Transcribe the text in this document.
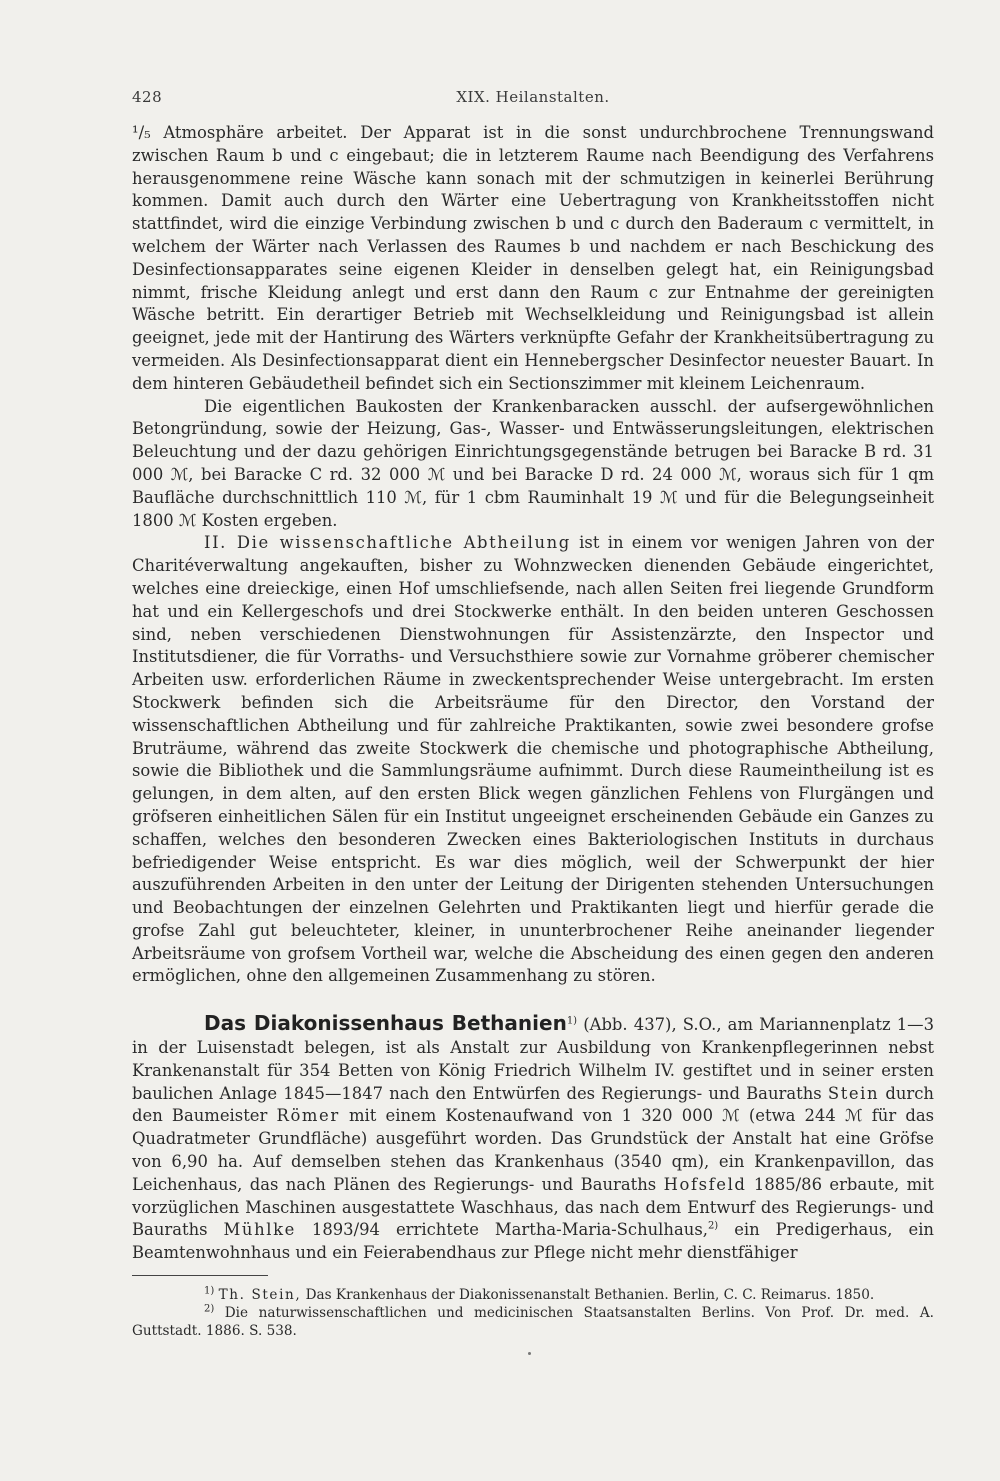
428	XIX. Heilanstalten.

¹/₅ Atmosphäre arbeitet. Der Apparat ist in die sonst undurchbrochene Trennungswand zwischen Raum b und c eingebaut; die in letzterem Raume nach Beendigung des Verfahrens herausgenommene reine Wäsche kann sonach mit der schmutzigen in keinerlei Berührung kommen. Damit auch durch den Wärter eine Uebertragung von Krankheitsstoffen nicht stattfindet, wird die einzige Verbindung zwischen b und c durch den Baderaum c vermittelt, in welchem der Wärter nach Verlassen des Raumes b und nachdem er nach Beschickung des Desinfectionsapparates seine eigenen Kleider in denselben gelegt hat, ein Reinigungsbad nimmt, frische Kleidung anlegt und erst dann den Raum c zur Entnahme der gereinigten Wäsche betritt. Ein derartiger Betrieb mit Wechselkleidung und Reinigungsbad ist allein geeignet, jede mit der Hantirung des Wärters verknüpfte Gefahr der Krankheitsübertragung zu vermeiden. Als Desinfectionsapparat dient ein Hennebergscher Desinfector neuester Bauart. In dem hinteren Gebäudetheil befindet sich ein Sectionszimmer mit kleinem Leichenraum.

Die eigentlichen Baukosten der Krankenbaracken ausschl. der aufsergewöhnlichen Betongründung, sowie der Heizung, Gas-, Wasser- und Entwässerungsleitungen, elektrischen Beleuchtung und der dazu gehörigen Einrichtungsgegenstände betrugen bei Baracke B rd. 31 000 ℳ, bei Baracke C rd. 32 000 ℳ und bei Baracke D rd. 24 000 ℳ, woraus sich für 1 qm Baufläche durchschnittlich 110 ℳ, für 1 cbm Rauminhalt 19 ℳ und für die Belegungseinheit 1800 ℳ Kosten ergeben.

II. Die wissenschaftliche Abtheilung ist in einem vor wenigen Jahren von der Charitéverwaltung angekauften, bisher zu Wohnzwecken dienenden Gebäude eingerichtet, welches eine dreieckige, einen Hof umschliefsende, nach allen Seiten frei liegende Grundform hat und ein Kellergeschofs und drei Stockwerke enthält. In den beiden unteren Geschossen sind, neben verschiedenen Dienstwohnungen für Assistenzärzte, den Inspector und Institutsdiener, die für Vorraths- und Versuchsthiere sowie zur Vornahme gröberer chemischer Arbeiten usw. erforderlichen Räume in zweckentsprechender Weise untergebracht. Im ersten Stockwerk befinden sich die Arbeitsräume für den Director, den Vorstand der wissenschaftlichen Abtheilung und für zahlreiche Praktikanten, sowie zwei besondere grofse Bruträume, während das zweite Stockwerk die chemische und photographische Abtheilung, sowie die Bibliothek und die Sammlungsräume aufnimmt. Durch diese Raumeintheilung ist es gelungen, in dem alten, auf den ersten Blick wegen gänzlichen Fehlens von Flurgängen und gröfseren einheitlichen Sälen für ein Institut ungeeignet erscheinenden Gebäude ein Ganzes zu schaffen, welches den besonderen Zwecken eines Bakteriologischen Instituts in durchaus befriedigender Weise entspricht. Es war dies möglich, weil der Schwerpunkt der hier auszuführenden Arbeiten in den unter der Leitung der Dirigenten stehenden Untersuchungen und Beobachtungen der einzelnen Gelehrten und Praktikanten liegt und hierfür gerade die grofse Zahl gut beleuchteter, kleiner, in ununterbrochener Reihe aneinander liegender Arbeitsräume von grofsem Vortheil war, welche die Abscheidung des einen gegen den anderen ermöglichen, ohne den allgemeinen Zusammenhang zu stören.

Das Diakonissenhaus Bethanien$^{1)}$ (Abb. 437), S.O., am Mariannenplatz 1—3 in der Luisenstadt belegen, ist als Anstalt zur Ausbildung von Krankenpflegerinnen nebst Krankenanstalt für 354 Betten von König Friedrich Wilhelm IV. gestiftet und in seiner ersten baulichen Anlage 1845—1847 nach den Entwürfen des Regierungs- und Bauraths Stein durch den Baumeister Römer mit einem Kostenaufwand von 1 320 000 ℳ (etwa 244 ℳ für das Quadratmeter Grundfläche) ausgeführt worden. Das Grundstück der Anstalt hat eine Gröfse von 6,90 ha. Auf demselben stehen das Krankenhaus (3540 qm), ein Krankenpavillon, das Leichenhaus, das nach Plänen des Regierungs- und Bauraths Hofsfeld 1885/86 erbaute, mit vorzüglichen Maschinen ausgestattete Waschhaus, das nach dem Entwurf des Regierungs- und Bauraths Mühlke 1893/94 errichtete Martha-Maria-Schulhaus,$^{2)}$ ein Predigerhaus, ein Beamtenwohnhaus und ein Feierabendhaus zur Pflege nicht mehr dienstfähiger

$^{1)}$ Th. Stein, Das Krankenhaus der Diakonissenanstalt Bethanien. Berlin, C. C. Reimarus. 1850.

$^{2)}$ Die naturwissenschaftlichen und medicinischen Staatsanstalten Berlins. Von Prof. Dr. med. A. Guttstadt. 1886. S. 538.
